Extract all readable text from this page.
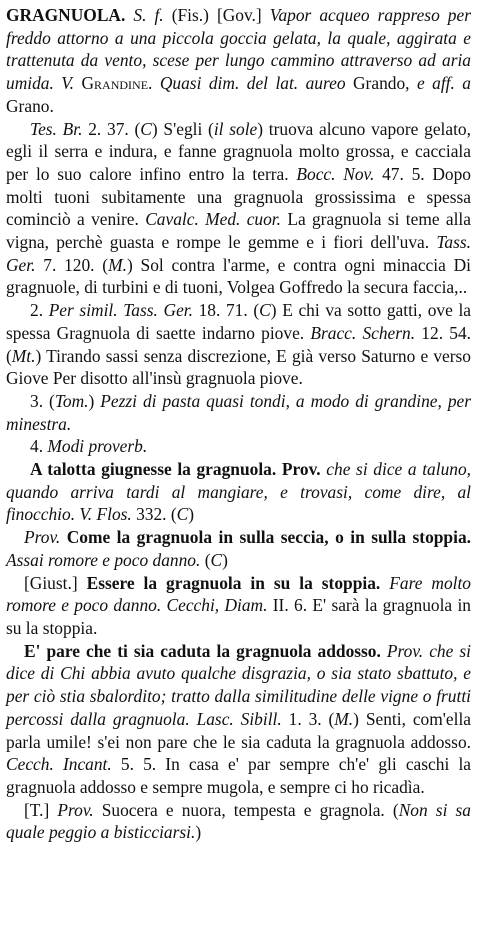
GRAGNUOLA. S. f. (Fis.) [Gov.] Vapor acqueo rappreso per freddo attorno a una piccola goccia gelata, la quale, aggirata e trattenuta da vento, scese per lungo cammino attraverso ad aria umida. V. Grandine. Quasi dim. del lat. aureo Grando, e aff. a Grano.

Tes. Br. 2. 37. (C) S'egli (il sole) truova alcuno vapore gelato, egli il serra e indura, e fanne gragnuola molto grossa, e cacciala per lo suo calore infino entro la terra. Bocc. Nov. 47. 5. Dopo molti tuoni subitamente una gragnuola grossissima e spessa cominciò a venire. Cavalc. Med. cuor. La gragnuola si teme alla vigna, perchè guasta e rompe le gemme e i fiori dell'uva. Tass. Ger. 7. 120. (M.) Sol contra l'arme, e contra ogni minaccia Di gragnuole, di turbini e di tuoni, Volgea Goffredo la secura faccia,..

2. Per simil. Tass. Ger. 18. 71. (C) E chi va sotto gatti, ove la spessa Gragnuola di saette indarno piove. Bracc. Schern. 12. 54. (Mt.) Tirando sassi senza discrezione, E già verso Saturno e verso Giove Per disotto all'insù gragnuola piove.

3. (Tom.) Pezzi di pasta quasi tondi, a modo di grandine, per minestra.

4. Modi proverb.

A talotta giugnesse la gragnuola. Prov. che si dice a taluno, quando arriva tardi al mangiare, e trovasi, come dire, al finocchio. V. Flos. 332. (C)

Prov. Come la gragnuola in sulla seccia, o in sulla stoppia. Assai romore e poco danno. (C)

[Giust.] Essere la gragnuola in su la stoppia. Fare molto romore e poco danno. Cecchi, Diam. II. 6. E' sarà la gragnuola in su la stoppia.

E' pare che ti sia caduta la gragnuola addosso. Prov. che si dice di Chi abbia avuto qualche disgrazia, o sia stato sbattuto, e per ciò stia sbalordito; tratto dalla similitudine delle vigne o frutti percossi dalla gragnuola. Lasc. Sibill. 1. 3. (M.) Senti, com'ella parla umile! s'ei non pare che le sia caduta la gragnuola addosso. Cecch. Incant. 5. 5. In casa e' par sempre ch'e' gli caschi la gragnuola addosso e sempre mugola, e sempre ci ho ricadìa.

[T.] Prov. Suocera e nuora, tempesta e gragnola. (Non si sa quale peggio a bisticciarsi.)
